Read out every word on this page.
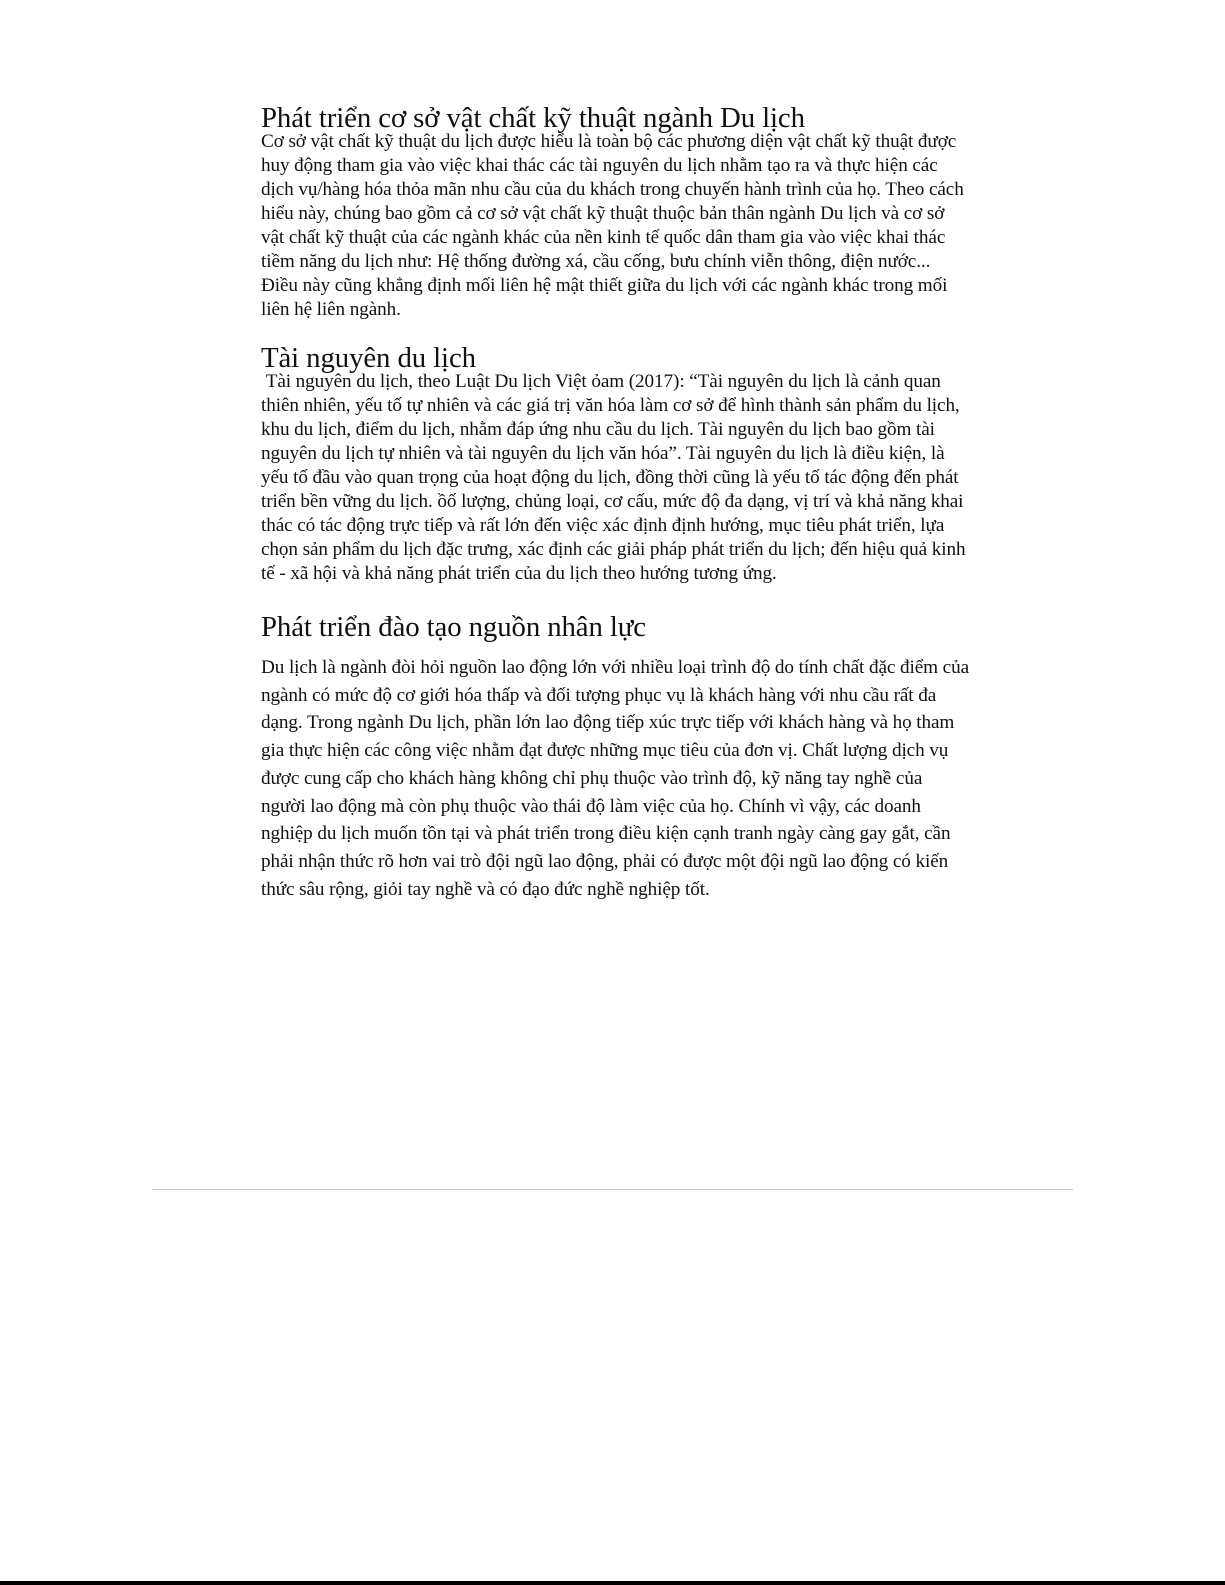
Phát triển cơ sở vật chất kỹ thuật ngành Du lịch

Cơ sở vật chất kỹ thuật du lịch được hiểu là toàn bộ các phương diện vật chất kỹ thuật được huy động tham gia vào việc khai thác các tài nguyên du lịch nhằm tạo ra và thực hiện các dịch vụ/hàng hóa thỏa mãn nhu cầu của du khách trong chuyến hành trình của họ. Theo cách hiểu này, chúng bao gồm cả cơ sở vật chất kỹ thuật thuộc bản thân ngành Du lịch và cơ sở vật chất kỹ thuật của các ngành khác của nền kinh tế quốc dân tham gia vào việc khai thác tiềm năng du lịch như: Hệ thống đường xá, cầu cống, bưu chính viễn thông, điện nước... Điều này cũng khẳng định mối liên hệ mật thiết giữa du lịch với các ngành khác trong mối liên hệ liên ngành.

Tài nguyên du lịch

Tài nguyên du lịch, theo Luật Du lịch Việt ỏam (2017): “Tài nguyên du lịch là cảnh quan thiên nhiên, yếu tố tự nhiên và các giá trị văn hóa làm cơ sở để hình thành sản phẩm du lịch, khu du lịch, điểm du lịch, nhằm đáp ứng nhu cầu du lịch. Tài nguyên du lịch bao gồm tài nguyên du lịch tự nhiên và tài nguyên du lịch văn hóa”. Tài nguyên du lịch là điều kiện, là yếu tố đầu vào quan trọng của hoạt động du lịch, đồng thời cũng là yếu tố tác động đến phát triển bền vững du lịch. ồố lượng, chủng loại, cơ cấu, mức độ đa dạng, vị trí và khả năng khai thác có tác động trực tiếp và rất lớn đến việc xác định định hướng, mục tiêu phát triển, lựa chọn sản phẩm du lịch đặc trưng, xác định các giải pháp phát triển du lịch; đến hiệu quả kinh tế - xã hội và khả năng phát triển của du lịch theo hướng tương ứng.

Phát triển đào tạo nguồn nhân lực

Du lịch là ngành đòi hỏi nguồn lao động lớn với nhiều loại trình độ do tính chất đặc điểm của ngành có mức độ cơ giới hóa thấp và đối tượng phục vụ là khách hàng với nhu cầu rất đa dạng. Trong ngành Du lịch, phần lớn lao động tiếp xúc trực tiếp với khách hàng và họ tham gia thực hiện các công việc nhằm đạt được những mục tiêu của đơn vị. Chất lượng dịch vụ được cung cấp cho khách hàng không chỉ phụ thuộc vào trình độ, kỹ năng tay nghề của người lao động mà còn phụ thuộc vào thái độ làm việc của họ. Chính vì vậy, các doanh nghiệp du lịch muốn tồn tại và phát triển trong điều kiện cạnh tranh ngày càng gay gắt, cần phải nhận thức rõ hơn vai trò đội ngũ lao động, phải có được một đội ngũ lao động có kiến thức sâu rộng, giỏi tay nghề và có đạo đức nghề nghiệp tốt.
